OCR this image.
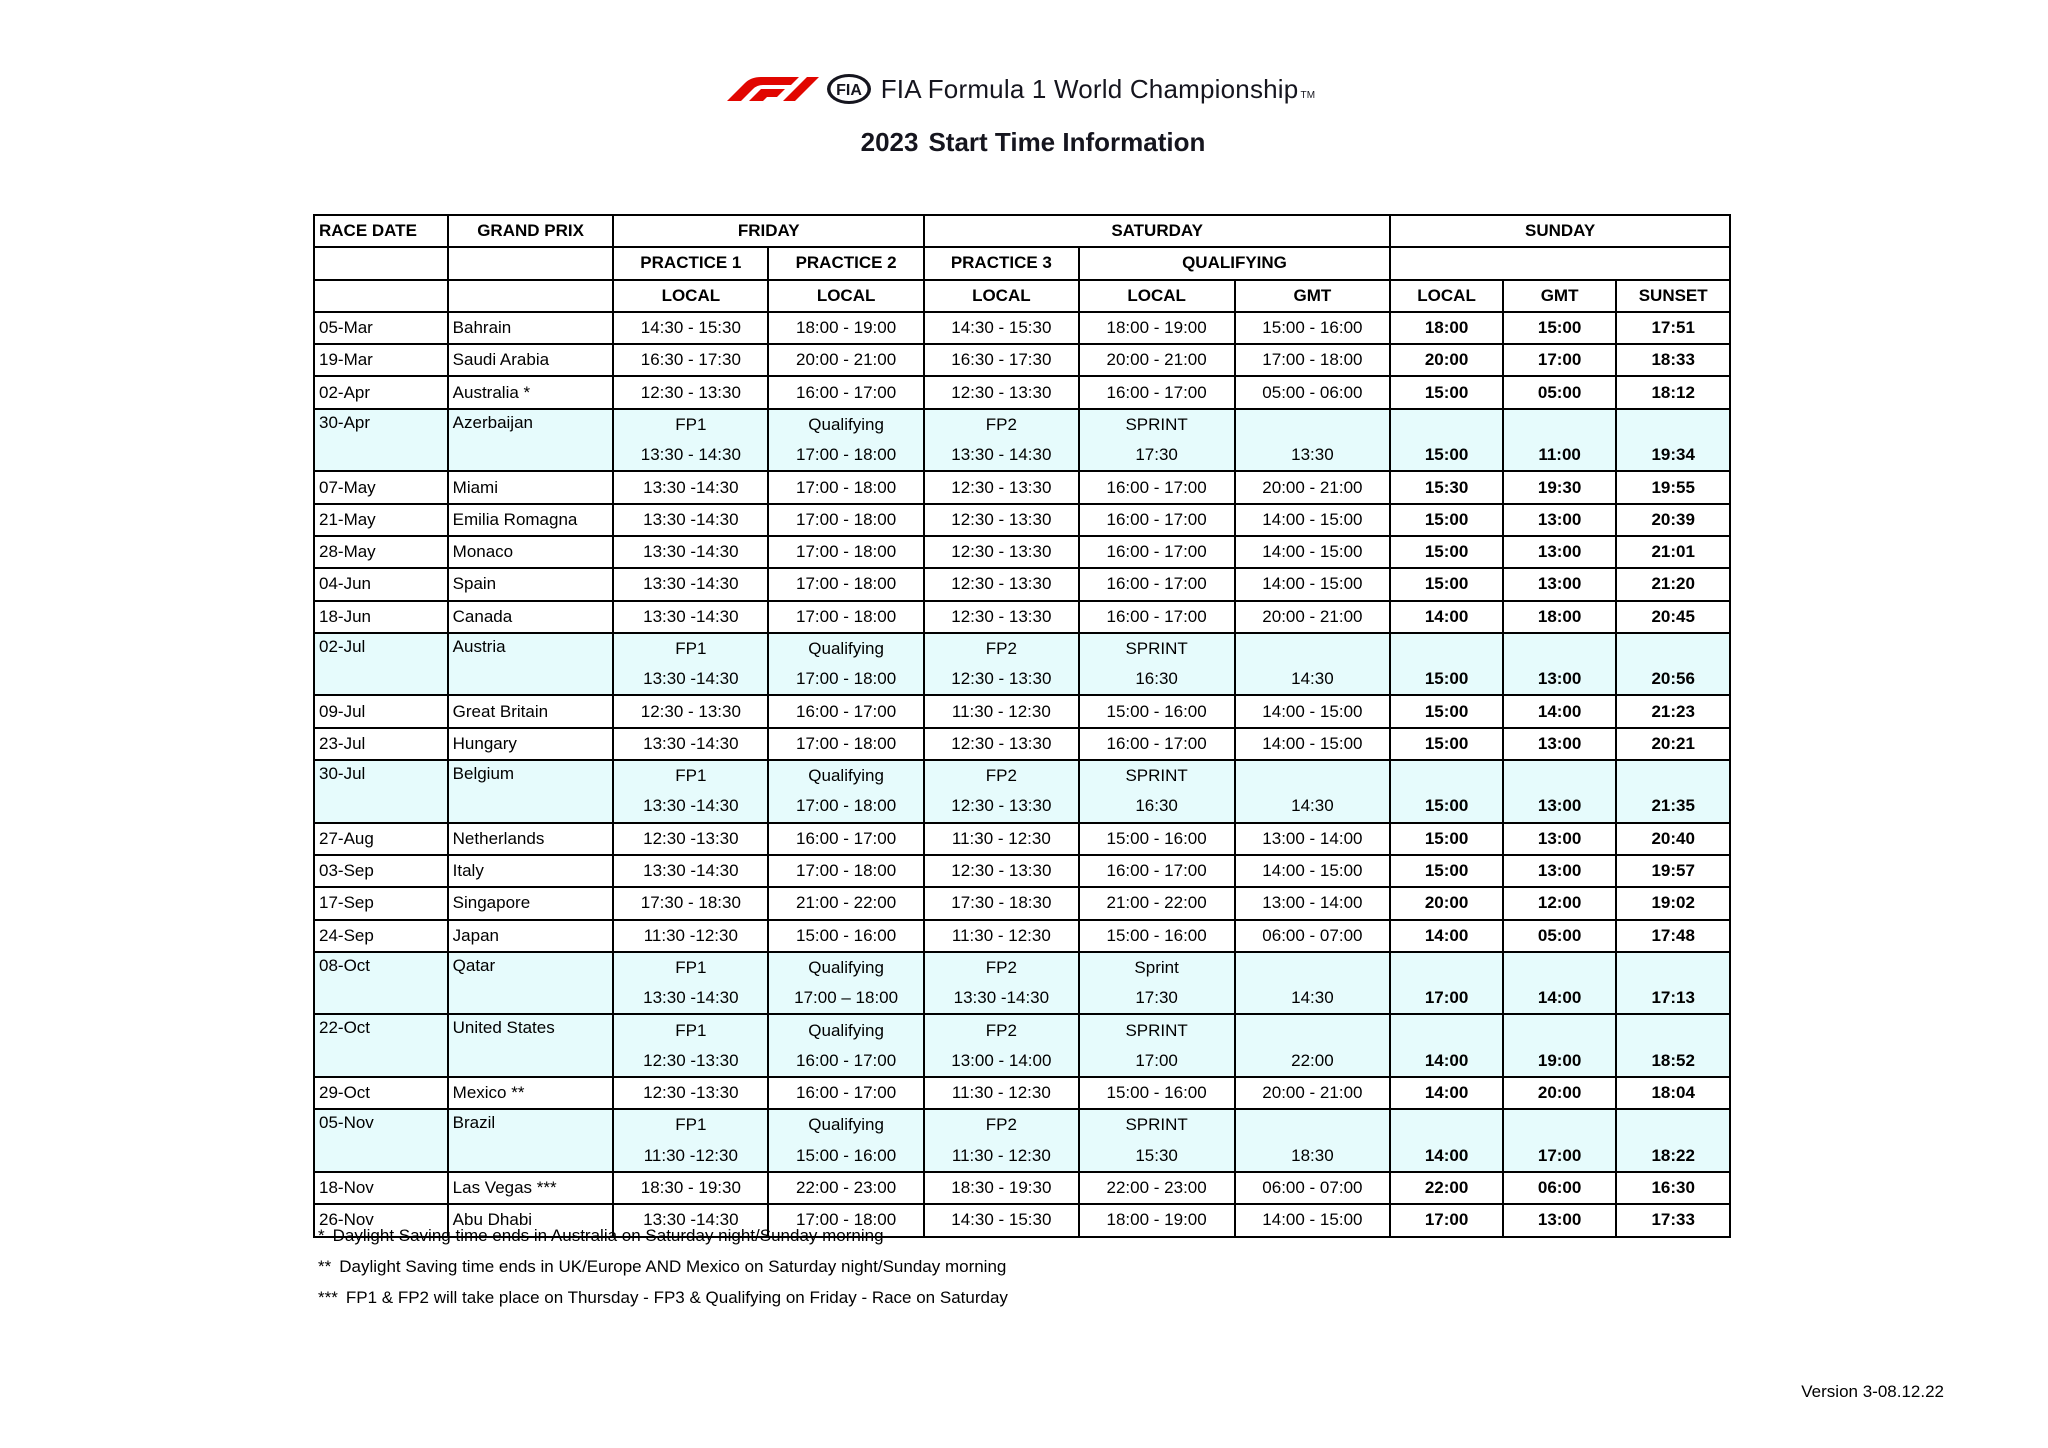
FIA FIA Formula 1 World Championship TM
2023 Start Time Information
RACE DATE	GRAND PRIX	FRIDAY		SATURDAY			SUNDAY		
		PRACTICE 1	PRACTICE 2	PRACTICE 3	QUALIFYING				
		LOCAL	LOCAL	LOCAL	LOCAL	GMT	LOCAL	GMT	SUNSET
05-Mar	Bahrain	14:30 - 15:30	18:00 - 19:00	14:30 - 15:30	18:00 - 19:00	15:00 - 16:00	18:00	15:00	17:51
19-Mar	Saudi Arabia	16:30 - 17:30	20:00 - 21:00	16:30 - 17:30	20:00 - 21:00	17:00 - 18:00	20:00	17:00	18:33
02-Apr	Australia *	12:30 - 13:30	16:00 - 17:00	12:30 - 13:30	16:00 - 17:00	05:00 - 06:00	15:00	05:00	18:12
30-Apr	Azerbaijan	FP1	Qualifying	FP2	SPRINT				
		13:30 - 14:30	17:00 - 18:00	13:30 - 14:30	17:30	13:30	15:00	11:00	19:34
07-May	Miami	13:30 -14:30	17:00 - 18:00	12:30 - 13:30	16:00 - 17:00	20:00 - 21:00	15:30	19:30	19:55
21-May	Emilia Romagna	13:30 -14:30	17:00 - 18:00	12:30 - 13:30	16:00 - 17:00	14:00 - 15:00	15:00	13:00	20:39
28-May	Monaco	13:30 -14:30	17:00 - 18:00	12:30 - 13:30	16:00 - 17:00	14:00 - 15:00	15:00	13:00	21:01
04-Jun	Spain	13:30 -14:30	17:00 - 18:00	12:30 - 13:30	16:00 - 17:00	14:00 - 15:00	15:00	13:00	21:20
18-Jun	Canada	13:30 -14:30	17:00 - 18:00	12:30 - 13:30	16:00 - 17:00	20:00 - 21:00	14:00	18:00	20:45
02-Jul	Austria	FP1	Qualifying	FP2	SPRINT				
		13:30 -14:30	17:00 - 18:00	12:30 - 13:30	16:30	14:30	15:00	13:00	20:56
09-Jul	Great Britain	12:30 - 13:30	16:00 - 17:00	11:30 - 12:30	15:00 - 16:00	14:00 - 15:00	15:00	14:00	21:23
23-Jul	Hungary	13:30 -14:30	17:00 - 18:00	12:30 - 13:30	16:00 - 17:00	14:00 - 15:00	15:00	13:00	20:21
30-Jul	Belgium	FP1	Qualifying	FP2	SPRINT				
		13:30 -14:30	17:00 - 18:00	12:30 - 13:30	16:30	14:30	15:00	13:00	21:35
27-Aug	Netherlands	12:30 -13:30	16:00 - 17:00	11:30 - 12:30	15:00 - 16:00	13:00 - 14:00	15:00	13:00	20:40
03-Sep	Italy	13:30 -14:30	17:00 - 18:00	12:30 - 13:30	16:00 - 17:00	14:00 - 15:00	15:00	13:00	19:57
17-Sep	Singapore	17:30 - 18:30	21:00 - 22:00	17:30 - 18:30	21:00 - 22:00	13:00 - 14:00	20:00	12:00	19:02
24-Sep	Japan	11:30 -12:30	15:00 - 16:00	11:30 - 12:30	15:00 - 16:00	06:00 - 07:00	14:00	05:00	17:48
08-Oct	Qatar	FP1	Qualifying	FP2	Sprint				
		13:30 -14:30	17:00 – 18:00	13:30 -14:30	17:30	14:30	17:00	14:00	17:13
22-Oct	United States	FP1	Qualifying	FP2	SPRINT				
		12:30 -13:30	16:00 - 17:00	13:00 - 14:00	17:00	22:00	14:00	19:00	18:52
29-Oct	Mexico **	12:30 -13:30	16:00 - 17:00	11:30 - 12:30	15:00 - 16:00	20:00 - 21:00	14:00	20:00	18:04
05-Nov	Brazil	FP1	Qualifying	FP2	SPRINT				
		11:30 -12:30	15:00 - 16:00	11:30 - 12:30	15:30	18:30	14:00	17:00	18:22
18-Nov	Las Vegas ***	18:30 - 19:30	22:00 - 23:00	18:30 - 19:30	22:00 - 23:00	06:00 - 07:00	22:00	06:00	16:30
26-Nov	Abu Dhabi	13:30 -14:30	17:00 - 18:00	14:30 - 15:30	18:00 - 19:00	14:00 - 15:00	17:00	13:00	17:33
* Daylight Saving time ends in Australia on Saturday night/Sunday morning
** Daylight Saving time ends in UK/Europe AND Mexico on Saturday night/Sunday morning
*** FP1 & FP2 will take place on Thursday - FP3 & Qualifying on Friday - Race on Saturday
Version 3-08.12.22
